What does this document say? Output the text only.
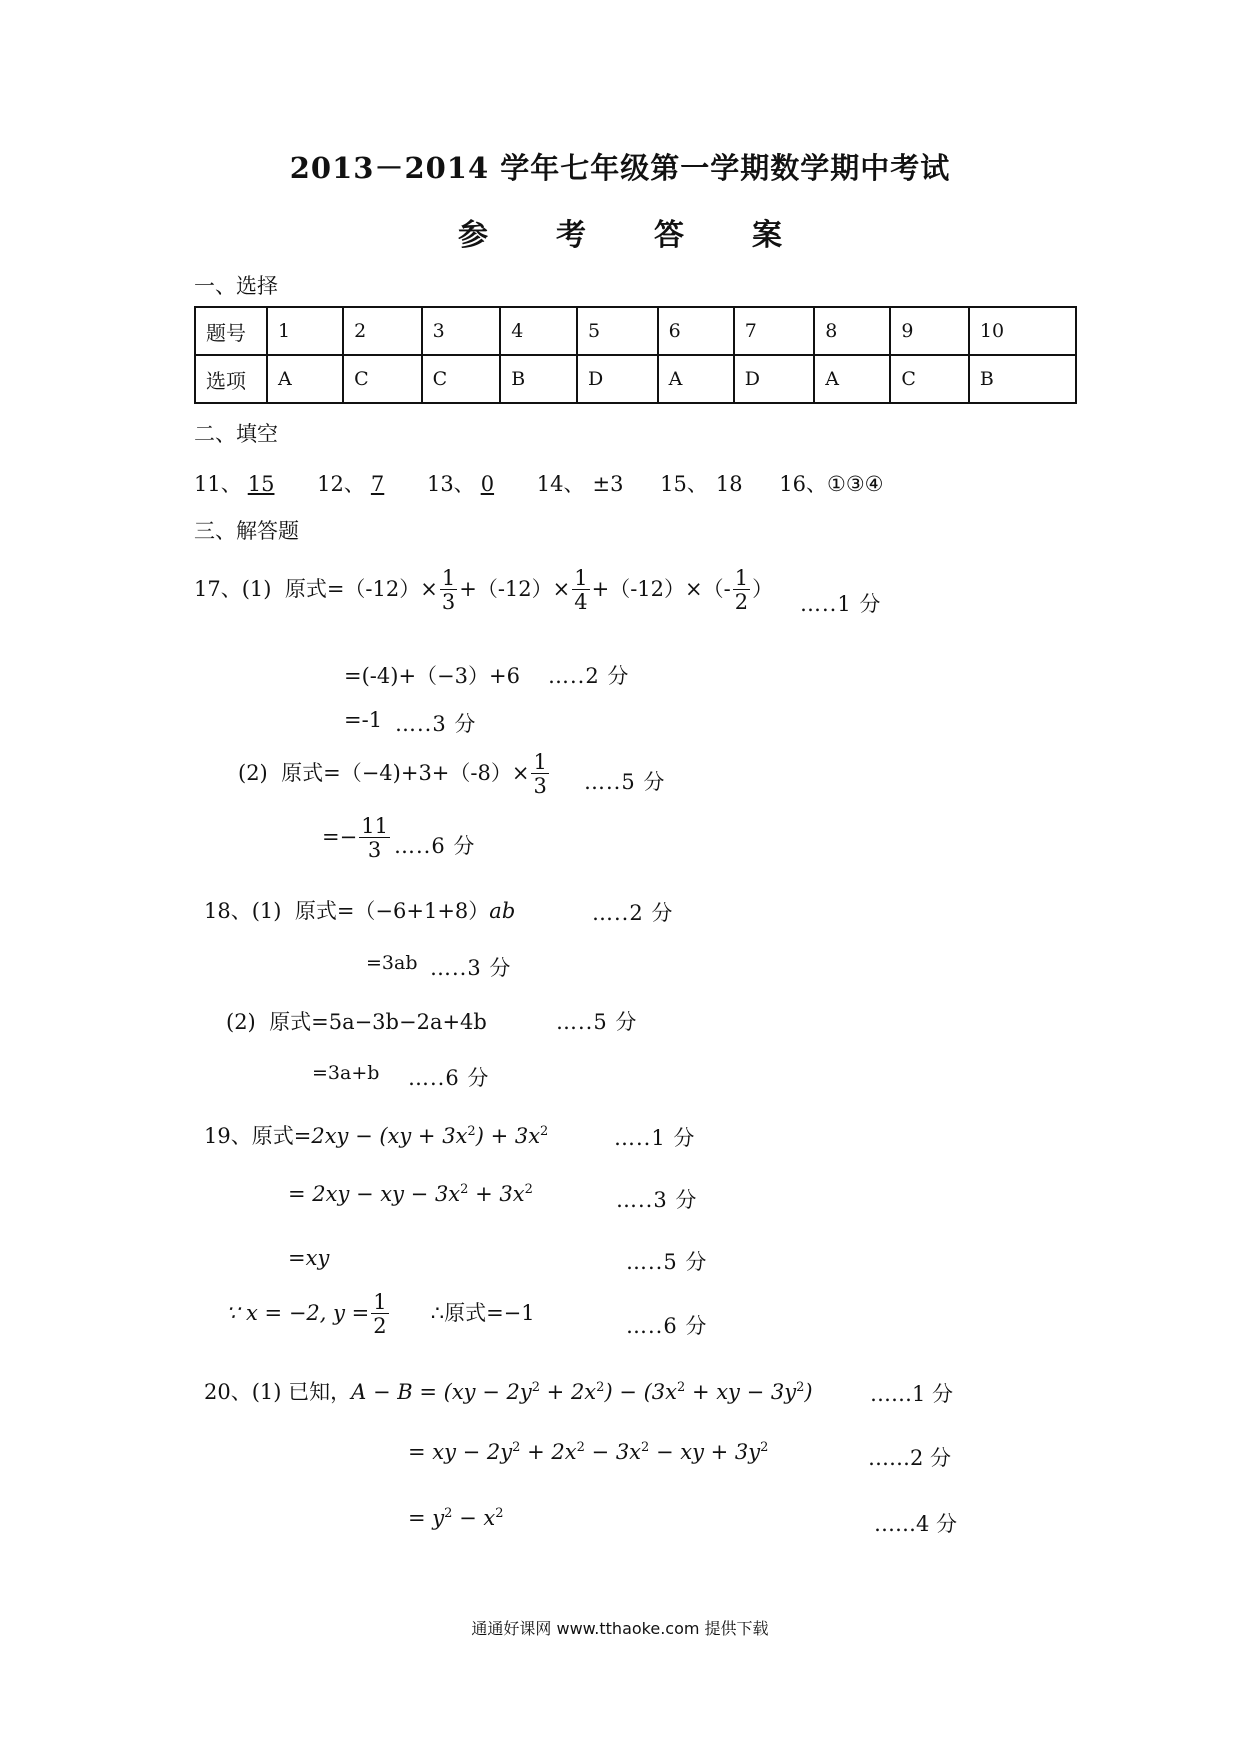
2013－2014 学年七年级第一学期数学期中考试
参 考 答 案
一、选择
题号	1	2	3	4	5	6	7	8	9	10
选项	A	C	C	B	D	A	D	A	C	B
二、填空
11、 15 12、 7 13、 0 14、 ±3 15、 18 16、①③④
三、解答题
17、(1) 原式$=(-12)\times \frac{1}{3} +(-12)\times \frac{1}{4} +(-12)\times(- \frac{1}{2}$ ）
…..1 分
=(-4)+（−3）+6 …..2 分
=-1 …..3 分
(2) 原式$=(-4)+3+(-8)\times \frac{1}{3}$ …..5 分
=− $\frac{11}{3}$ …..6 分
18、(1) 原式=（−6+1+8）ab	…..2 分
=3ab …..3 分
(2) 原式=5a−3b−2a+4b	…..5 分
=3a+b …..6 分
19、原式$=2xy - (xy + 3x^2) + 3x^2$	…..1 分
= 2xy − xy − $3x^2 + 3x^2$	…..3 分
=xy	…..5 分
∵ x = −2, $y = \frac{1}{2}$ ∴原式=−1
…..6 分
20、(1) 已知，$A - B = (xy - 2y^2 + 2x^2) - (3x^2$ + xy − $3y^2$)	……1 分
= xy − $2y^2 + 2x^2 - 3x^2$ − xy + $3y^2$	……2 分
= $y^2 - x^2$	……4 分
通通好课网 www.tthaoke.com 提供下载
